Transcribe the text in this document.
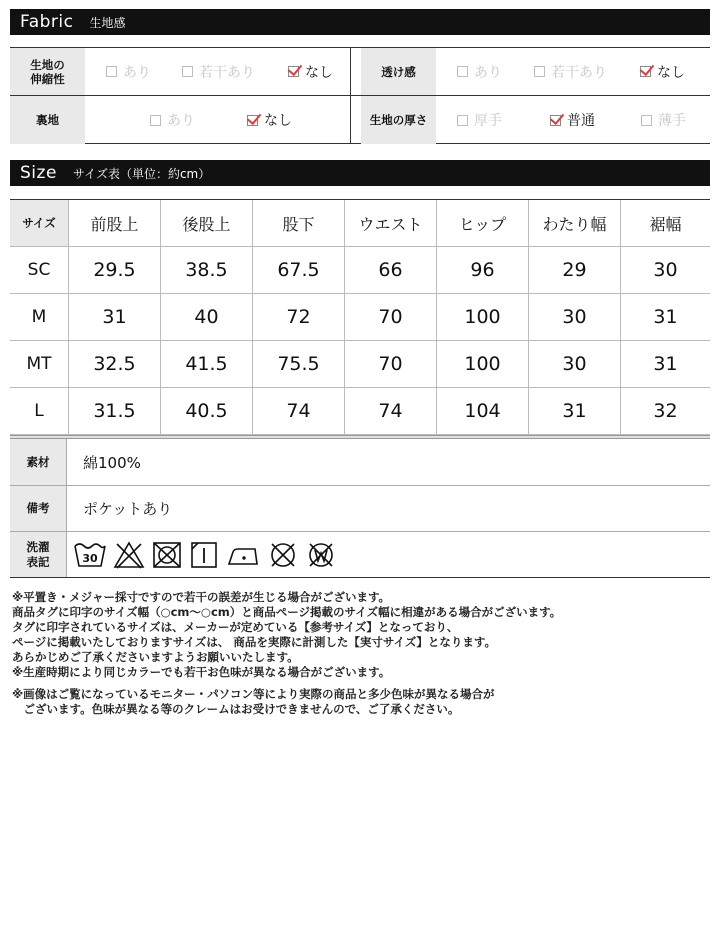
Fabric 生地感
生地の
伸縮性	あり	若干あり	なし	透け感	あり	若干あり	なし
裏地	あり	なし	生地の厚さ	厚手	普通	薄手
Size サイズ表（単位：約cm）
サイズ	前股上	後股上	股下	ウエスト	ヒップ	わたり幅	裾幅
SC	29.5	38.5	67.5	66	96	29	30
M	31	40	72	70	100	30	31
MT	32.5	41.5	75.5	70	100	30	31
L	31.5	40.5	74	74	104	31	32
素材	綿100%
備考	ポケットあり
洗濯
表記	30

※平置き・メジャー採寸ですので若干の誤差が生じる場合がございます。

商品タグに印字のサイズ幅（○cm～○cm）と商品ページ掲載のサイズ幅に相違がある場合がございます。

タグに印字されているサイズは、メーカーが定めている【参考サイズ】となっており、

ページに掲載いたしておりますサイズは、 商品を実際に計測した【実寸サイズ】となります。

あらかじめご了承くださいますようお願いいたします。

※生産時期により同じカラーでも若干お色味が異なる場合がございます。

※画像はご覧になっているモニター・パソコン等により実際の商品と多少色味が異なる場合が

　ございます。色味が異なる等のクレームはお受けできませんので、ご了承ください。
